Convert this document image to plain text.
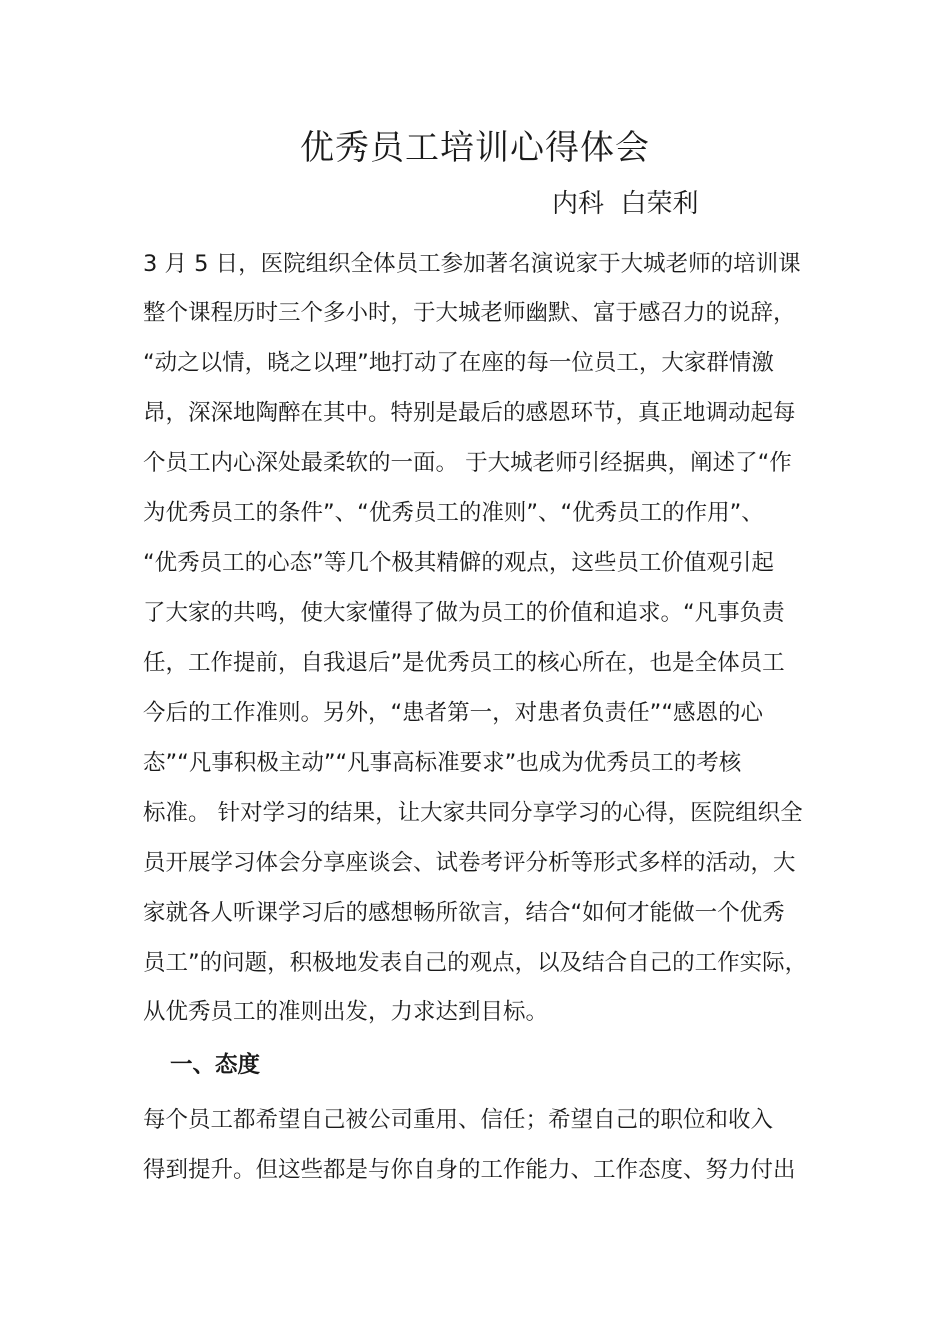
优秀员工培训心得体会

内科  白荣利

3 月 5 日，医院组织全体员工参加著名演说家于大城老师的培训课

整个课程历时三个多小时，于大城老师幽默、富于感召力的说辞，

“动之以情，晓之以理”地打动了在座的每一位员工，大家群情激

昂，深深地陶醉在其中。特别是最后的感恩环节，真正地调动起每

个员工内心深处最柔软的一面。 于大城老师引经据典，阐述了“作

为优秀员工的条件”、“优秀员工的准则”、“优秀员工的作用”、

“优秀员工的心态”等几个极其精僻的观点，这些员工价值观引起

了大家的共鸣，使大家懂得了做为员工的价值和追求。“凡事负责

任，工作提前，自我退后”是优秀员工的核心所在，也是全体员工

今后的工作准则。另外，“患者第一，对患者负责任”“感恩的心

态”“凡事积极主动”“凡事高标准要求”也成为优秀员工的考核

标准。 针对学习的结果，让大家共同分享学习的心得，医院组织全

员开展学习体会分享座谈会、试卷考评分析等形式多样的活动，大

家就各人听课学习后的感想畅所欲言，结合“如何才能做一个优秀

员工”的问题，积极地发表自己的观点，以及结合自己的工作实际，

从优秀员工的准则出发，力求达到目标。

一、态度

每个员工都希望自己被公司重用、信任；希望自己的职位和收入

得到提升。但这些都是与你自身的工作能力、工作态度、努力付出
